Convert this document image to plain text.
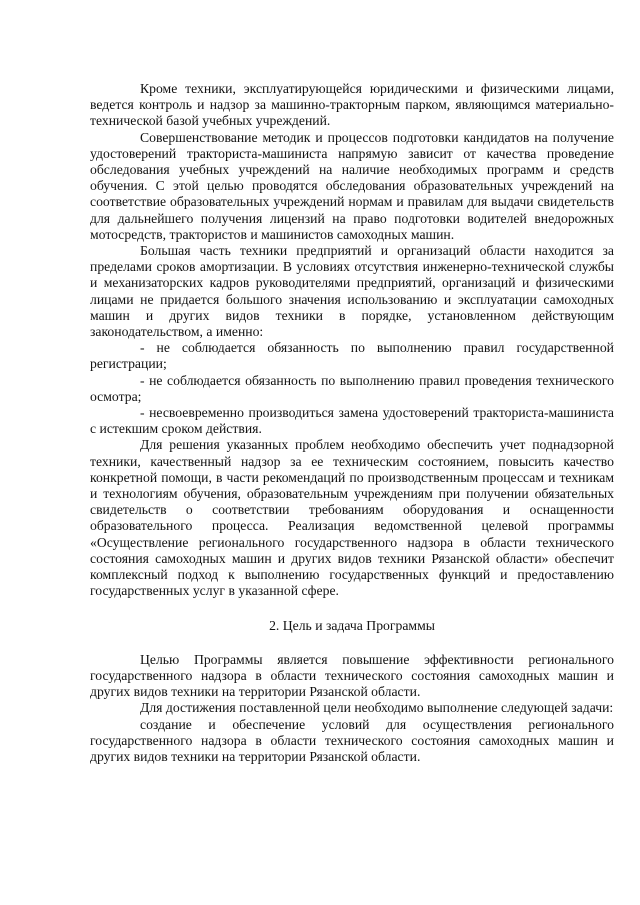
Кроме техники, эксплуатирующейся юридическими и физическими лицами, ведется контроль и надзор за машинно-тракторным парком, являющимся материально-технической базой учебных учреждений.

Совершенствование методик и процессов подготовки кандидатов на получение удостоверений тракториста-машиниста напрямую зависит от качества проведение обследования учебных учреждений на наличие необходимых программ и средств обучения. С этой целью проводятся обследования образовательных учреждений на соответствие образовательных учреждений нормам и правилам для выдачи свидетельств для дальнейшего получения лицензий на право подготовки водителей внедорожных мотосредств, трактористов и машинистов самоходных машин.

Большая часть техники предприятий и организаций области находится за пределами сроков амортизации. В условиях отсутствия инженерно-технической службы и механизаторских кадров руководителями предприятий, организаций и физическими лицами не придается большого значения использованию и эксплуатации самоходных машин и других видов техники в порядке, установленном действующим законодательством, а именно:

- не соблюдается обязанность по выполнению правил государственной регистрации;

- не соблюдается обязанность по выполнению правил проведения технического осмотра;

- несвоевременно производиться замена удостоверений тракториста-машиниста с истекшим сроком действия.

Для решения указанных проблем необходимо обеспечить учет поднадзорной техники, качественный надзор за ее техническим состоянием, повысить качество конкретной помощи, в части рекомендаций по производственным процессам и техникам и технологиям обучения, образовательным учреждениям при получении обязательных свидетельств о соответствии требованиям оборудования и оснащенности образовательного процесса. Реализация ведомственной целевой программы «Осуществление регионального государственного надзора в области технического состояния самоходных машин и других видов техники Рязанской области» обеспечит комплексный подход к выполнению государственных функций и предоставлению государственных услуг в указанной сфере.

2. Цель и задача Программы

Целью Программы является повышение эффективности регионального государственного надзора в области технического состояния самоходных машин и других видов техники на территории Рязанской области.

Для достижения поставленной цели необходимо выполнение следующей задачи:

создание и обеспечение условий для осуществления регионального государственного надзора в области технического состояния самоходных машин и других видов техники на территории Рязанской области.
